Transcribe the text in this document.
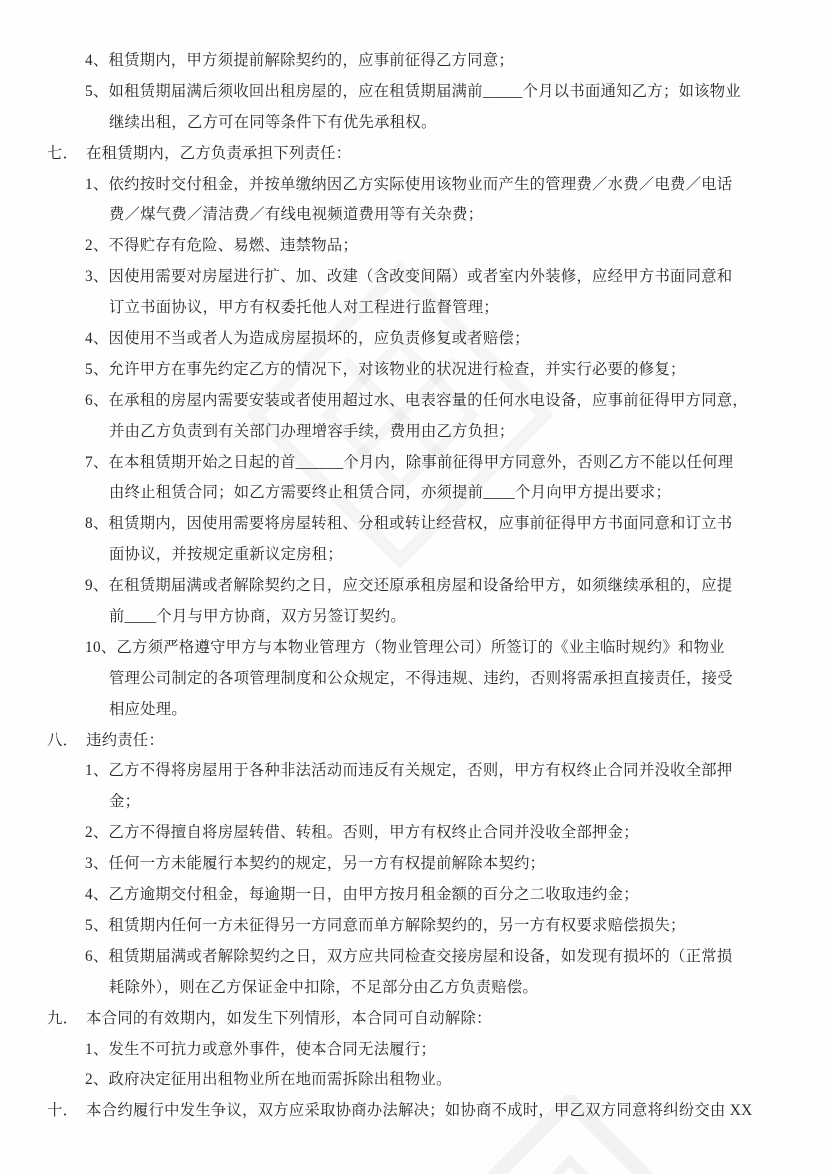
4、租赁期内，甲方须提前解除契约的，应事前征得乙方同意；
5、如租赁期届满后须收回出租房屋的，应在租赁期届满前_____个月以书面通知乙方；如该物业
继续出租，乙方可在同等条件下有优先承租权。
七．　在租赁期内，乙方负责承担下列责任：
1、依约按时交付租金，并按单缴纳因乙方实际使用该物业而产生的管理费／水费／电费／电话
费／煤气费／清洁费／有线电视频道费用等有关杂费；
2、不得贮存有危险、易燃、违禁物品；
3、因使用需要对房屋进行扩、加、改建（含改变间隔）或者室内外装修，应经甲方书面同意和
订立书面协议，甲方有权委托他人对工程进行监督管理；
4、因使用不当或者人为造成房屋损坏的，应负责修复或者赔偿；
5、允许甲方在事先约定乙方的情况下，对该物业的状况进行检查，并实行必要的修复；
6、在承租的房屋内需要安装或者使用超过水、电表容量的任何水电设备，应事前征得甲方同意，
并由乙方负责到有关部门办理增容手续，费用由乙方负担；
7、在本租赁期开始之日起的首______个月内，除事前征得甲方同意外，否则乙方不能以任何理
由终止租赁合同；如乙方需要终止租赁合同，亦须提前____个月向甲方提出要求；
8、租赁期内，因使用需要将房屋转租、分租或转让经营权，应事前征得甲方书面同意和订立书
面协议，并按规定重新议定房租；
9、在租赁期届满或者解除契约之日，应交还原承租房屋和设备给甲方，如须继续承租的，应提
前____个月与甲方协商，双方另签订契约。
10、乙方须严格遵守甲方与本物业管理方（物业管理公司）所签订的《业主临时规约》和物业
管理公司制定的各项管理制度和公众规定，不得违规、违约，否则将需承担直接责任，接受
相应处理。
八．　违约责任：
1、乙方不得将房屋用于各种非法活动而违反有关规定，否则，甲方有权终止合同并没收全部押
金；
2、乙方不得擅自将房屋转借、转租。否则，甲方有权终止合同并没收全部押金；
3、任何一方未能履行本契约的规定，另一方有权提前解除本契约；
4、乙方逾期交付租金，每逾期一日，由甲方按月租金额的百分之二收取违约金；
5、租赁期内任何一方未征得另一方同意而单方解除契约的，另一方有权要求赔偿损失；
6、租赁期届满或者解除契约之日，双方应共同检查交接房屋和设备，如发现有损坏的（正常损
耗除外），则在乙方保证金中扣除，不足部分由乙方负责赔偿。
九．　本合同的有效期内，如发生下列情形，本合同可自动解除：
1、发生不可抗力或意外事件，使本合同无法履行；
2、政府决定征用出租物业所在地而需拆除出租物业。
十．　本合约履行中发生争议，双方应采取协商办法解决；如协商不成时，甲乙双方同意将纠纷交由 XX
